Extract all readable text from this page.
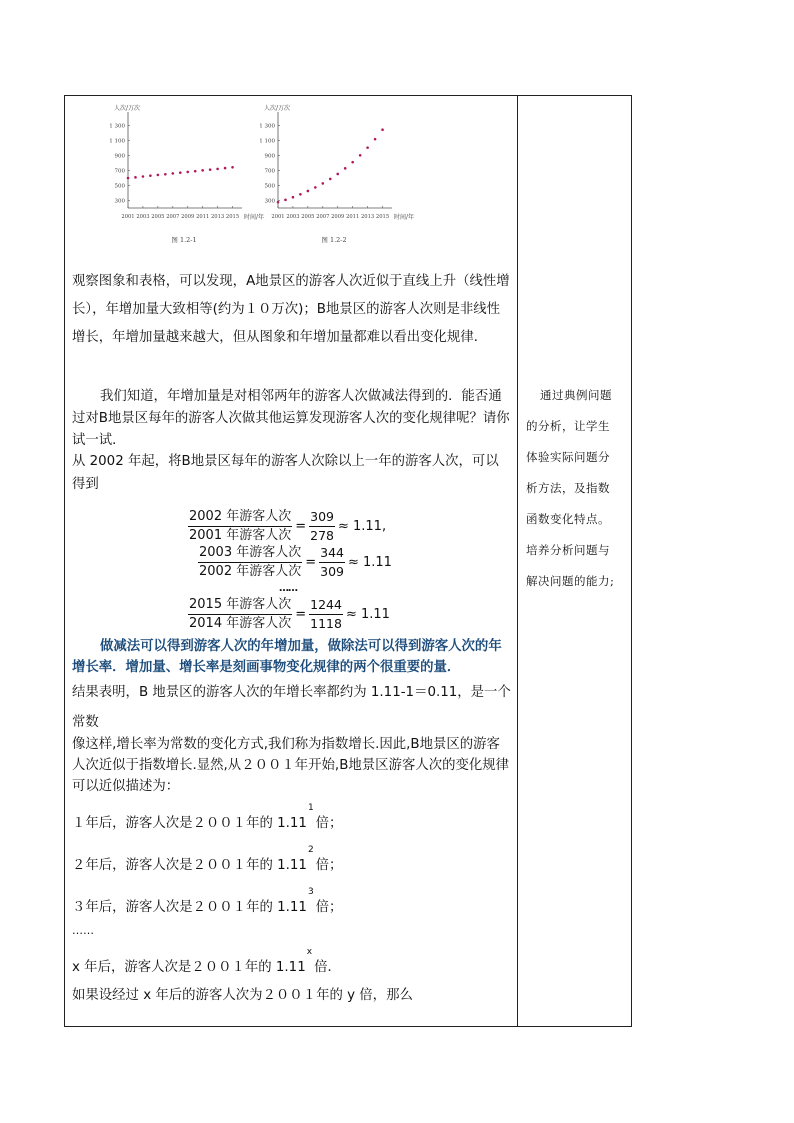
人次/万次
时间/年
300
500
700
900
1 100
1 300
2001 2003 2005 2007 2009 2011 2013 2015
图 1.2-1
人次/万次
时间/年
300
500
700
900
1 100
1 300
2001 2003 2005 2007 2009 2011 2013 2015
图 1.2-2
观察图象和表格，可以发现，A地景区的游客人次近似于直线上升（线性增长），年增加量大致相等(约为１０万次)；B地景区的游客人次则是非线性增长，年增加量越来越大，但从图象和年增加量都难以看出变化规律．
我们知道，年增加量是对相邻两年的游客人次做减法得到的．能否通过对B地景区每年的游客人次做其他运算发现游客人次的变化规律呢？请你试一试．
从 2002 年起，将B地景区每年的游客人次除以上一年的游客人次，可以得到
$\frac{\text{2002 年游客人次}}{\text{2001 年游客人次}} = \frac{309}{278} \approx 1.11$,
$\frac{\text{2003 年游客人次}}{\text{2002 年游客人次}} = \frac{344}{309} \approx 1.11$
$\frac{\text{2015 年游客人次}}{\text{2014 年游客人次}} = \frac{1244}{1118} \approx 1.11$
……
做减法可以得到游客人次的年增加量，做除法可以得到游客人次的年增长率．增加量、增长率是刻画事物变化规律的两个很重要的量．
结果表明，B 地景区的游客人次的年增长率都约为 1.11-1＝0.11，是一个常数
像这样,增长率为常数的变化方式,我们称为指数增长.因此,B地景区的游客人次近似于指数增长.显然,从２００１年开始,B地景区游客人次的变化规律可以近似描述为：
１年后，游客人次是２００１年的 1.11$^1$倍；
２年后，游客人次是２００１年的 1.11$^2$倍；
３年后，游客人次是２００１年的 1.11$^3$倍；
……
x 年后，游客人次是２００１年的 1.11$^x$倍．
如果设经过 x 年后的游客人次为２００１年的 y 倍，那么
通过典例问题
的分析，让学生
体验实际问题分
析方法，及指数
函数变化特点。
培养分析问题与
解决问题的能力;
